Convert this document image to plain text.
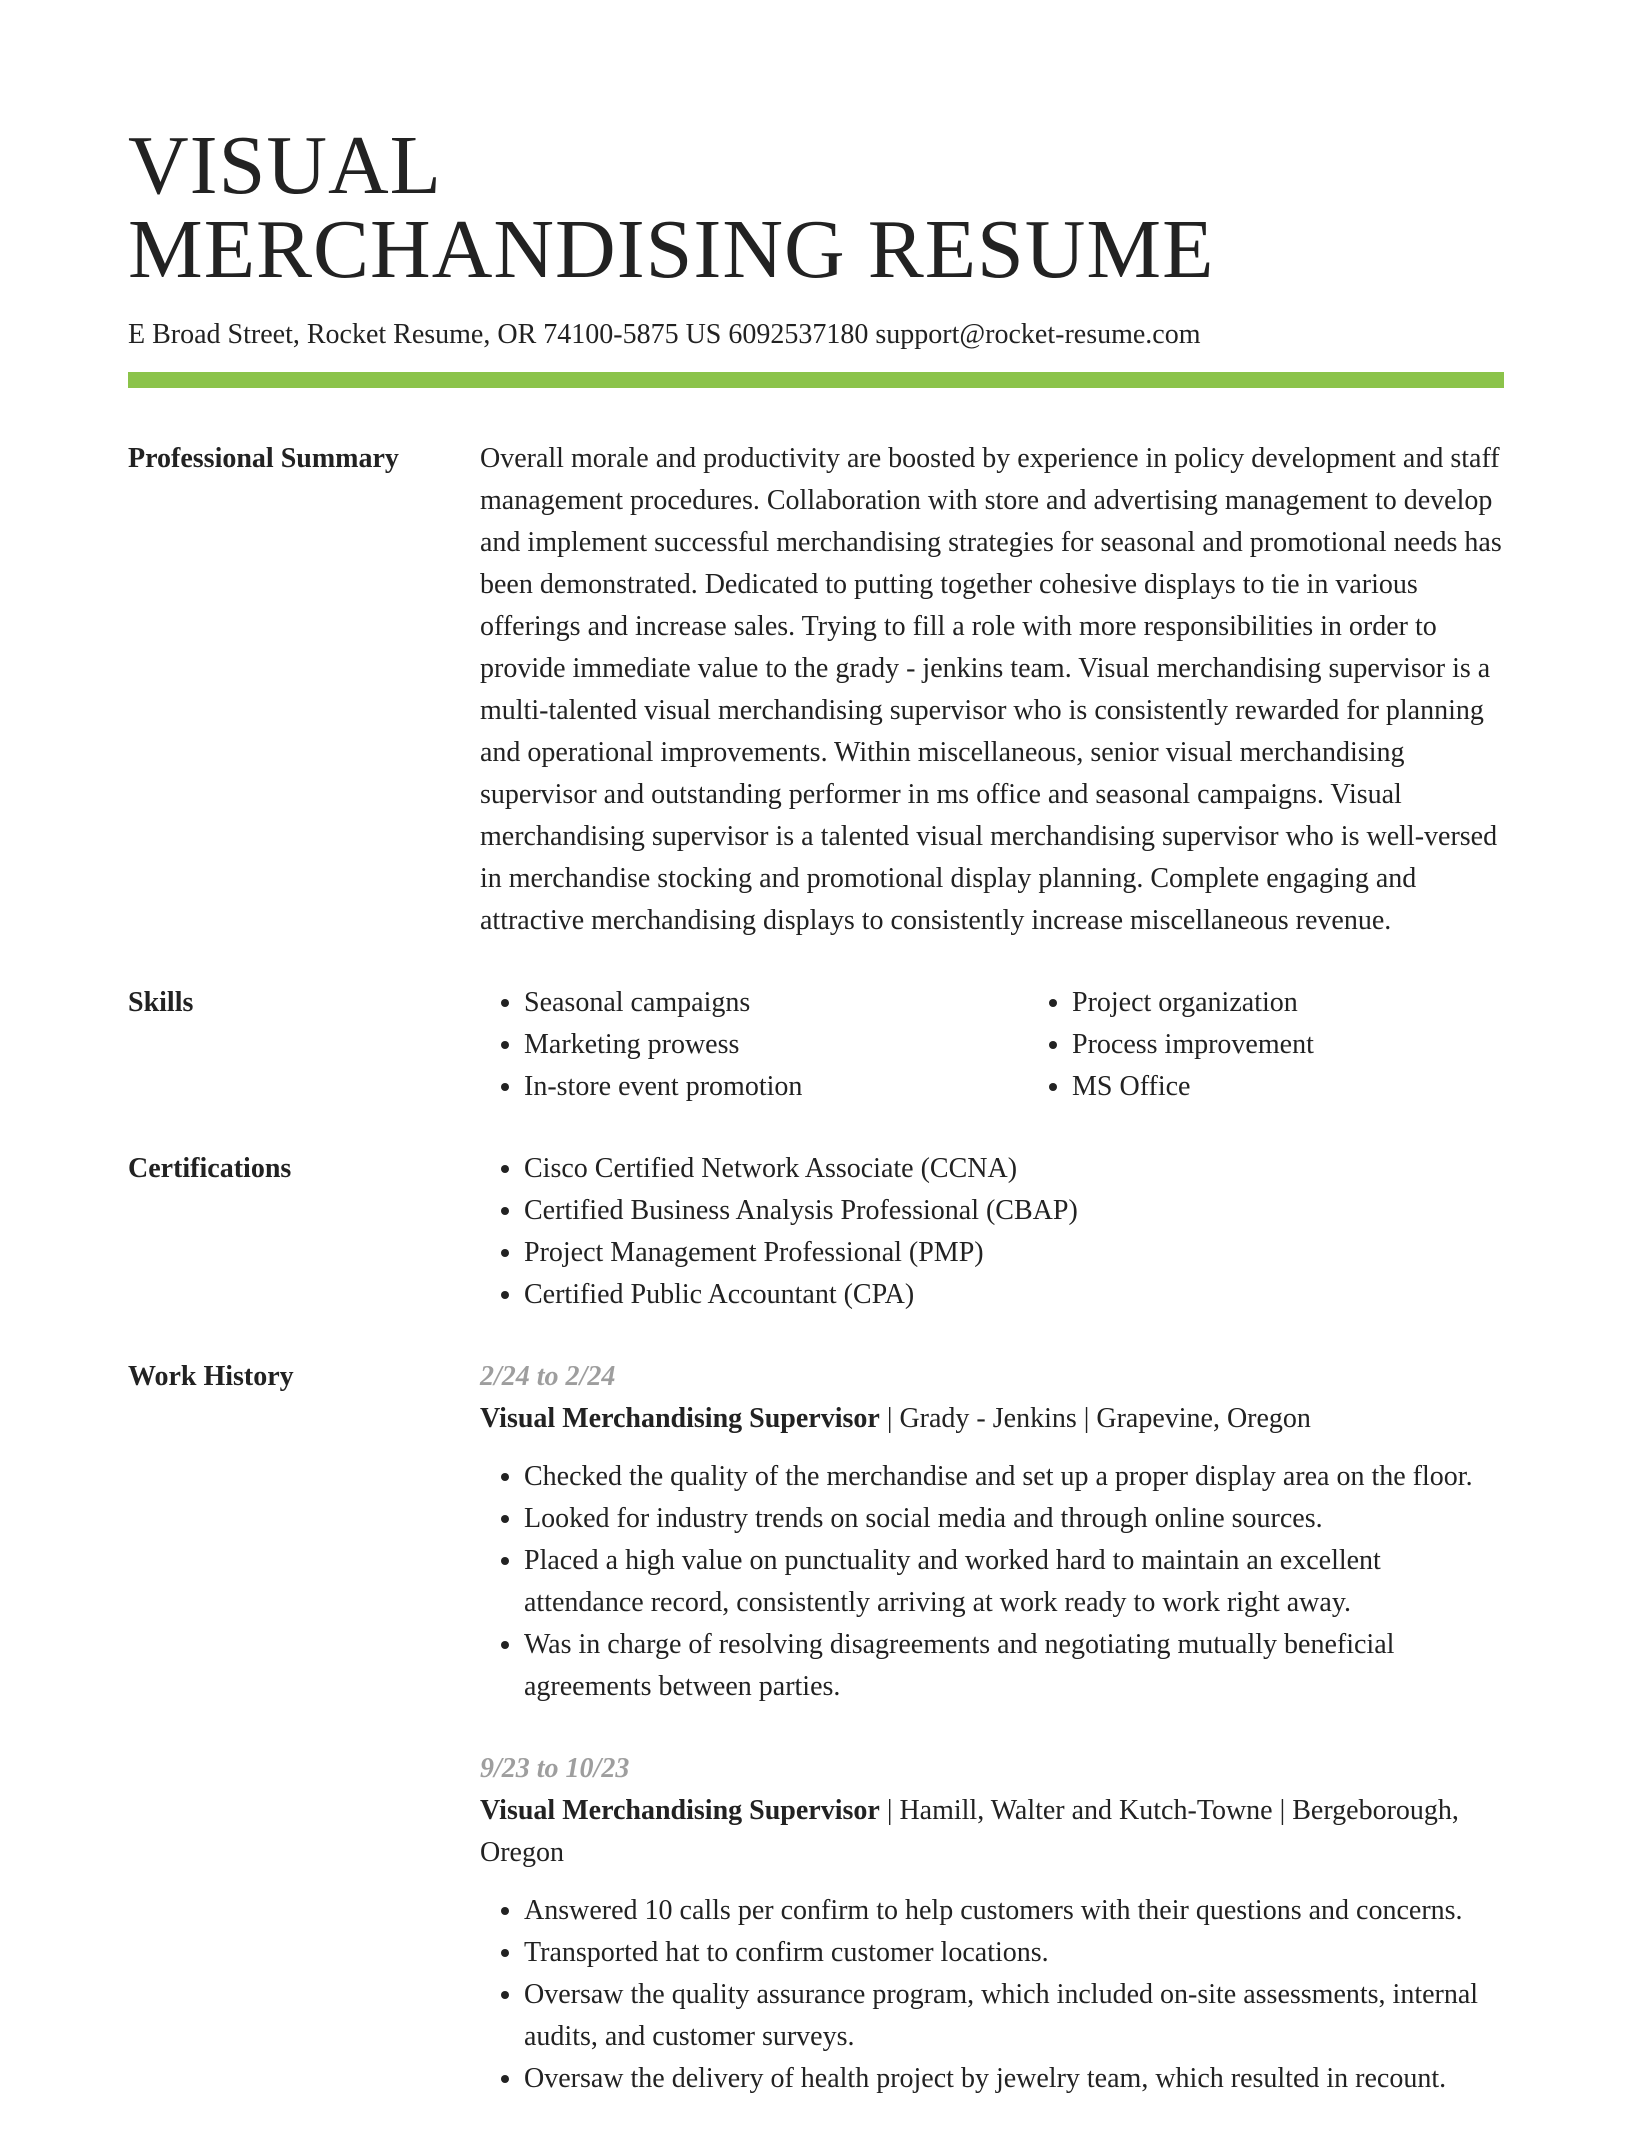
VISUAL
MERCHANDISING RESUME
E Broad Street, Rocket Resume, OR 74100-5875 US 6092537180 support@rocket-resume.com
Professional Summary	Overall morale and productivity are boosted by experience in policy development and staff management procedures. Collaboration with store and advertising management to develop and implement successful merchandising strategies for seasonal and promotional needs has been demonstrated. Dedicated to putting together cohesive displays to tie in various offerings and increase sales. Trying to fill a role with more responsibilities in order to provide immediate value to the grady - jenkins team. Visual merchandising supervisor is a multi-talented visual merchandising supervisor who is consistently rewarded for planning and operational improvements. Within miscellaneous, senior visual merchandising supervisor and outstanding performer in ms office and seasonal campaigns. Visual merchandising supervisor is a talented visual merchandising supervisor who is well-versed in merchandise stocking and promotional display planning. Complete engaging and attractive merchandising displays to consistently increase miscellaneous revenue.

Skills	• Seasonal campaigns
• Marketing prowess
• In-store event promotion
• Project organization
• Process improvement
• MS Office
Certifications	• Cisco Certified Network Associate (CCNA)
• Certified Business Analysis Professional (CBAP)
• Project Management Professional (PMP)
• Certified Public Accountant (CPA)
Work History	2/24 to 2/24
Visual Merchandising Supervisor | Grady - Jenkins | Grapevine, Oregon
• Checked the quality of the merchandise and set up a proper display area on the floor.
• Looked for industry trends on social media and through online sources.
• Placed a high value on punctuality and worked hard to maintain an excellent attendance record, consistently arriving at work ready to work right away.
• Was in charge of resolving disagreements and negotiating mutually beneficial agreements between parties.
9/23 to 10/23
Visual Merchandising Supervisor | Hamill, Walter and Kutch-Towne | Bergeborough, Oregon
• Answered 10 calls per confirm to help customers with their questions and concerns.
• Transported hat to confirm customer locations.
• Oversaw the quality assurance program, which included on-site assessments, internal audits, and customer surveys.
• Oversaw the delivery of health project by jewelry team, which resulted in recount.
